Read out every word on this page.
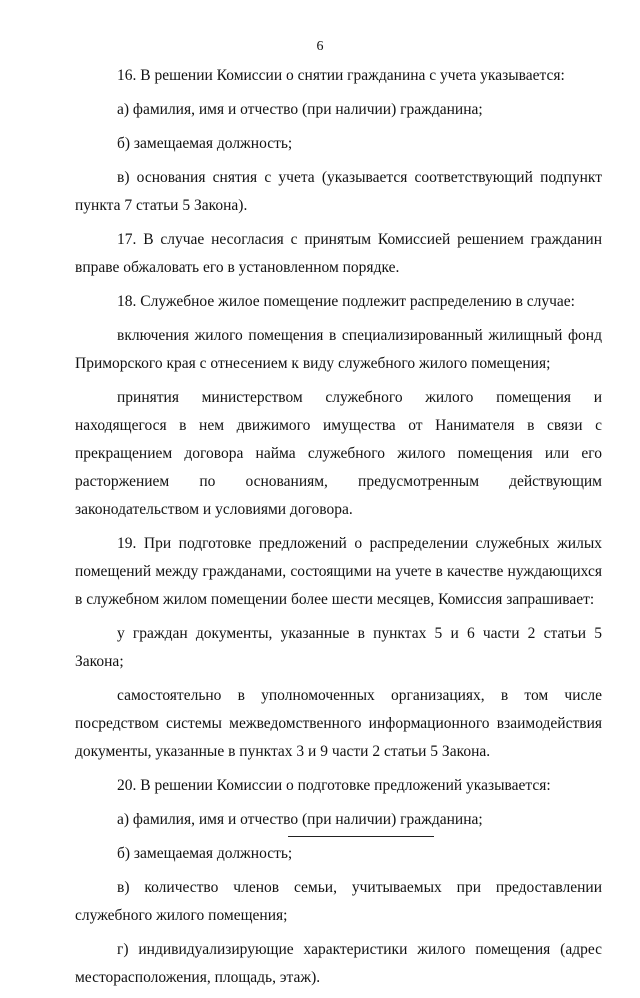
6

16. В решении Комиссии о снятии гражданина с учета указывается:

а) фамилия, имя и отчество (при наличии) гражданина;

б) замещаемая должность;

в) основания снятия с учета (указывается соответствующий подпункт пункта 7 статьи 5 Закона).

17. В случае несогласия с принятым Комиссией решением гражданин вправе обжаловать его в установленном порядке.

18. Служебное жилое помещение подлежит распределению в случае:

включения жилого помещения в специализированный жилищный фонд Приморского края с отнесением к виду служебного жилого помещения;

принятия министерством служебного жилого помещения и находящегося в нем движимого имущества от Нанимателя в связи с прекращением договора найма служебного жилого помещения или его расторжением по основаниям, предусмотренным действующим законодательством и условиями договора.

19. При подготовке предложений о распределении служебных жилых помещений между гражданами, состоящими на учете в качестве нуждающихся в служебном жилом помещении более шести месяцев, Комиссия запрашивает:

у граждан документы, указанные в пунктах 5 и 6 части 2 статьи 5 Закона;

самостоятельно в уполномоченных организациях, в том числе посредством системы межведомственного информационного взаимодействия документы, указанные в пунктах 3 и 9 части 2 статьи 5 Закона.

20. В решении Комиссии о подготовке предложений указывается:

а) фамилия, имя и отчество (при наличии) гражданина;

б) замещаемая должность;

в) количество членов семьи, учитываемых при предоставлении служебного жилого помещения;

г) индивидуализирующие характеристики жилого помещения (адрес месторасположения, площадь, этаж).
